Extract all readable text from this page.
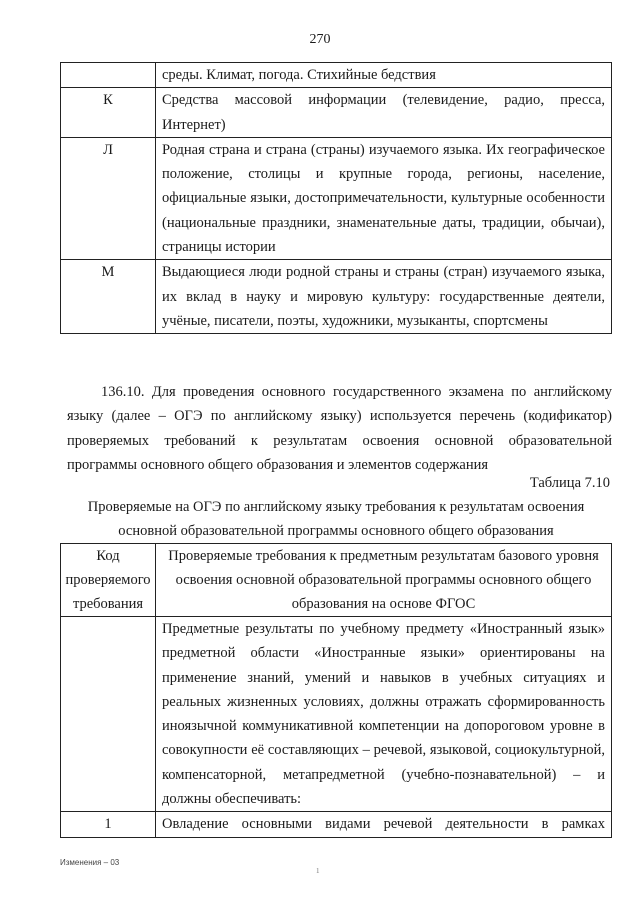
270
	среды. Климат, погода. Стихийные бедствия
К	Средства массовой информации (телевидение, радио, пресса, Интернет)
Л	Родная страна и страна (страны) изучаемого языка. Их географическое положение, столицы и крупные города, регионы, население, официальные языки, достопримечательности, культурные особенности (национальные праздники, знаменательные даты, традиции, обычаи), страницы истории
М	Выдающиеся люди родной страны и страны (стран) изучаемого языка, их вклад в науку и мировую культуру: государственные деятели, учёные, писатели, поэты, художники, музыканты, спортсмены
136.10. Для проведения основного государственного экзамена по английскому языку (далее – ОГЭ по английскому языку) используется перечень (кодификатор) проверяемых требований к результатам освоения основной образовательной программы основного общего образования и элементов содержания
Таблица 7.10
Проверяемые на ОГЭ по английскому языку требования к результатам освоения основной образовательной программы основного общего образования
Код проверяемого требования	Проверяемые требования к предметным результатам базового уровня освоения основной образовательной программы основного общего образования на основе ФГОС
	Предметные результаты по учебному предмету «Иностранный язык» предметной области «Иностранные языки» ориентированы на применение знаний, умений и навыков в учебных ситуациях и реальных жизненных условиях, должны отражать сформированность иноязычной коммуникативной компетенции на допороговом уровне в совокупности её составляющих – речевой, языковой, социокультурной, компенсаторной, метапредметной (учебно-познавательной) – и должны обеспечивать:
1	Овладение основными видами речевой деятельности в рамках
Изменения – 03
1
